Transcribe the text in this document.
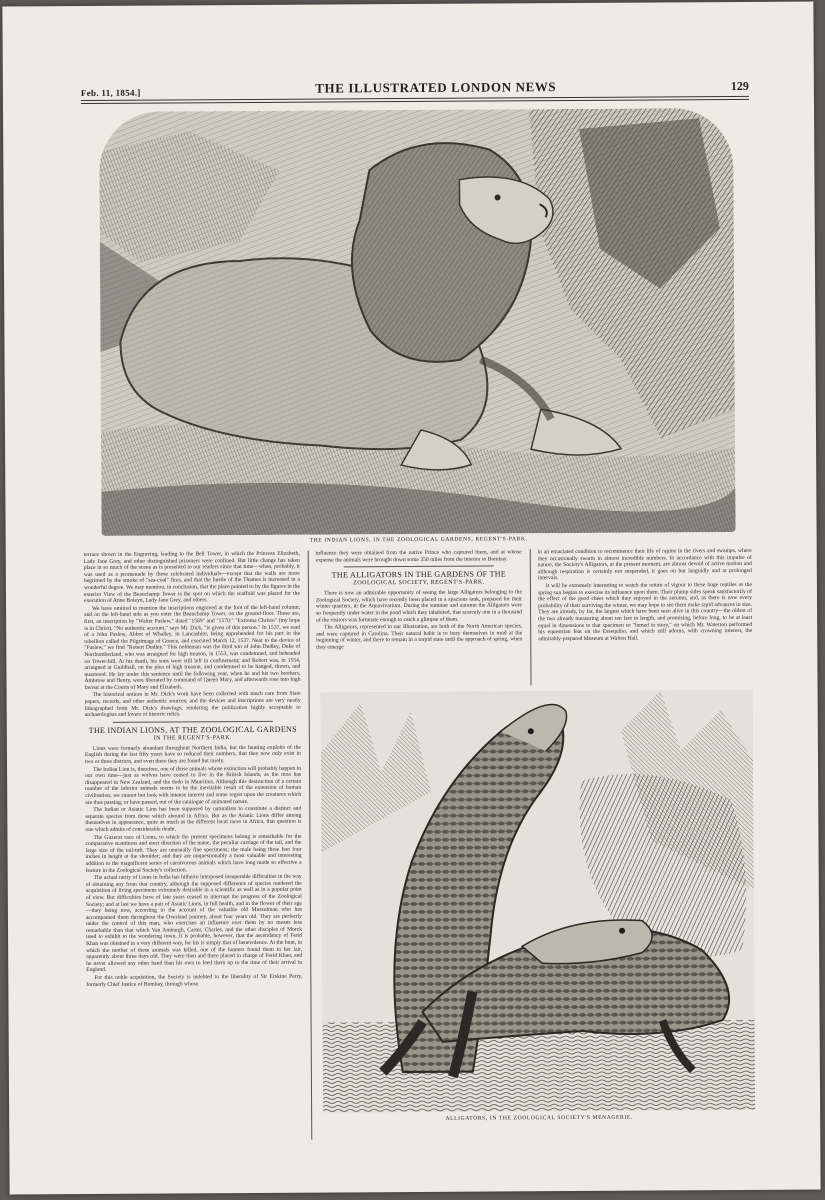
Feb. 11, 1854.]	THE ILLUSTRATED LONDON NEWS	129
THE INDIAN LIONS, IN THE ZOOLOGICAL GARDENS, REGENT'S-PARK.

terrace shown in the Engraving, leading to the Bell Tower, in which the Princess Elizabeth, Lady Jane Grey, and other distinguished prisoners were confined. But little change has taken place in so much of the scene as is presented to our readers since that time—when, probably, it was used as a promenade by those celebrated individuals—except that the walls are more begrimed by the smoke of "sea-coal" fires, and that the bustle of the Thames is increased in a wonderful degree. We may mention, in conclusion, that the place pointed to by the figures in the exterior View of the Beauchamp Tower is the spot on which the scaffold was placed for the execution of Anne Boleyn, Lady Jane Grey, and others.

We have omitted to mention the inscriptions engraved at the foot of the left-hand column; and on the left-hand side as you enter the Beauchamp Tower, on the ground-floor. These are, first, an inscription by "Walter Paslew," dated "1569" and "1570:" "Extrema Christo" (my hope is in Christ). "No authentic account," says Mr. Dick, "is given of this person." In 1537, we read of a John Paslew, Abbot of Whalley, in Lancashire, being apprehended for his part in the rebellion called the Pilgrimage of Greece, and executed March 12, 1537. Near to the device of "Paslew," we find "Robert Dudley." This nobleman was the third son of John Dudley, Duke of Northumberland, who was arraigned for high treason, in 1553, was condemned, and beheaded on Tower-hill. At his death, his sons were still left in confinement; and Robert was, in 1554, arraigned at Guildhall, on the plea of high treason, and condemned to be hanged, drawn, and quartered. He lay under this sentence until the following year, when he and his two brothers, Ambrose and Henry, were liberated by command of Queen Mary, and afterwards rose into high favour at the Courts of Mary and Elizabeth.

The historical notices in Mr. Dick's work have been collected with much care from State papers, records, and other authentic sources; and the devices and inscriptions are very neatly lithographed from Mr. Dick's drawings; rendering the publication highly acceptable to archaeologists and lovers of historic relics.

THE INDIAN LIONS, AT THE ZOOLOGICAL GARDENS
IN THE REGENT'S-PARK.

Lions were formerly abundant throughout Northern India, but the hunting exploits of the English during the last fifty years have so reduced their numbers, that they now only exist in two or three districts, and even there they are found but rarely.

The Indian Lion is, therefore, one of those animals whose extinction will probably happen in our own time—just as wolves have ceased to live in the British Islands, as the moa has disappeared in New Zealand, and the dodo in Mauritius. Although this destruction of a certain number of the inferior animals seems to be the inevitable result of the extension of human civilisation, we cannot but look with intense interest and some regret upon the creatures which are thus passing, or have passed, out of the catalogue of animated nature.

The Indian or Asiatic Lion has been supposed by naturalists to constitute a distinct and separate species from those which abound in Africa. But as the Asiatic Lions differ among themselves in appearance, quite as much as the different local races in Africa, that question is one which admits of considerable doubt.

The Guzerat race of Lions, to which the present specimens belong is remarkable for the comparative scantiness and erect direction of the mane, the peculiar carriage of the tail, and the large size of the tail-tuft. They are unusually fine specimens; the male being three feet four inches in height at the shoulder; and they are unquestionably a most valuable and interesting addition to the magnificent series of carnivorous animals which have long made so effective a feature in the Zoological Society's collection.

The actual rarity of Lions in India has hitherto interposed insuperable difficulties in the way of obtaining any from that country, although the supposed difference of species rendered the acquisition of living specimens extremely desirable in a scientific as well as in a popular point of view. But difficulties have of late years ceased to interrupt the progress of the Zoological Society; and at last we have a pair of Asiatic Lions, in full health, and in the flower of their age—they being now, according to the account of the valuable old Mussulman who has accompanied them throughout the Overland journey, about four years old. They are perfectly under the control of this man, who exercises an influence over them by no means less remarkable than that which Van Amburgh, Carter, Charles, and the other disciples of Morck used to exhibit to the wondering town. It is probable, however, that the ascendancy of Ferid Khan was obtained in a very different way, for his is simply that of benevolence. At the hunt, in which the mother of these animals was killed, one of the hunters found them in her lair, apparently about three days old. They were then and there placed in charge of Ferid Khan, and he never allowed any other hand than his own to feed them up to the time of their arrival in England.

For this noble acquisition, the Society is indebted to the liberality of Sir Erskine Perry, formerly Chief Justice of Bombay, through whose

influence they were obtained from the native Prince who captured them, and at whose expense the animals were brought down some 350 miles from the interior to Bombay.

THE ALLIGATORS IN THE GARDENS OF THE
ZOOLOGICAL SOCIETY, REGENT'S-PARK.

There is now an admirable opportunity of seeing the large Alligators belonging to the Zoological Society, which have recently been placed in a spacious tank, prepared for their winter quarters, in the Aquavivarium. During the summer and autumn the Alligators were so frequently under water in the pond which they inhabited, that scarcely one in a thousand of the visitors was fortunate enough to catch a glimpse of them.

The Alligators, represented in our Illustration, are both of the North American species, and were captured in Carolina. Their natural habit is to bury themselves in mud at the beginning of winter, and there to remain in a torpid state until the approach of spring, when they emerge

in an emaciated condition to recommence their life of rapine in the rivers and swamps, where they occasionally swarm in almost incredible numbers. In accordance with this impulse of nature, the Society's Alligators, at the present moment, are almost devoid of active motion and although respiration is certainly not suspended, it goes on but languidly and at prolonged intervals.

It will be extremely interesting to watch the return of vigour to these huge reptiles as the spring sun begins to exercise its influence upon them. Their plump sides speak satisfactorily of the effect of the good cheer which they enjoyed in the autumn; and, as there is now every probability of their surviving the winter, we may hope to see them make rapid advances in size. They are already, by far, the largest which have been seen alive in this country—the oldest of the two already measuring about ten feet in length, and promising, before long, to be at least equal in dimensions to that specimen so "famed in story," on which Mr. Waterton performed his equestrian feat on the Essequibo, and which still adorns, with crowning interest, the admirably-prepared Museum at Walton Hall.

ALLIGATORS, IN THE ZOOLOGICAL SOCIETY'S MENAGERIE.
